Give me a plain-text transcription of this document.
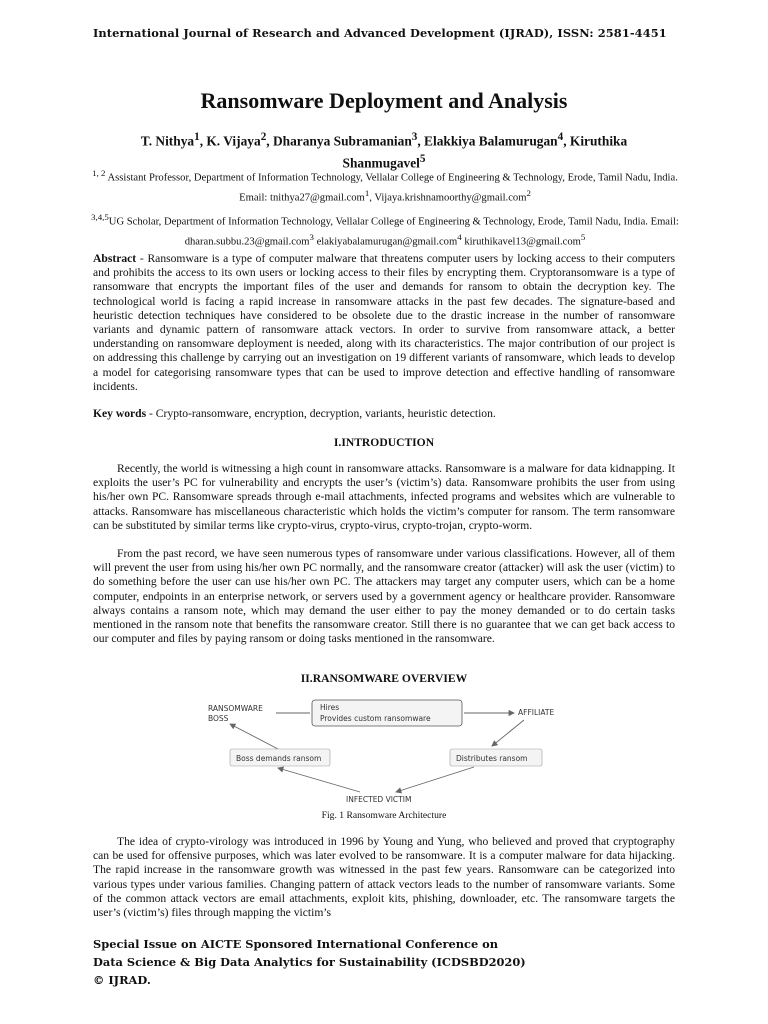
International Journal of Research and Advanced Development (IJRAD), ISSN: 2581-4451
Ransomware Deployment and Analysis
T. Nithya$^1$, K. Vijaya$^2$, Dharanya Subramanian$^3$, Elakkiya Balamurugan$^4$, Kiruthika Shanmugavel$^5$
$^{1, 2}$ Assistant Professor, Department of Information Technology, Vellalar College of Engineering & Technology, Erode, Tamil Nadu, India. Email: tnithya27@gmail.com$^1$, Vijaya.krishnamoorthy@gmail.com$^2$
$^{3,4,5}$UG Scholar, Department of Information Technology, Vellalar College of Engineering & Technology, Erode, Tamil Nadu, India. Email: dharan.subbu.23@gmail.com$^3$ elakiyabalamurugan@gmail.com$^4$ kiruthikavel13@gmail.com$^5$
Abstract - Ransomware is a type of computer malware that threatens computer users by locking access to their computers and prohibits the access to its own users or locking access to their files by encrypting them. Cryptoransomware is a type of ransomware that encrypts the important files of the user and demands for ransom to obtain the decryption key. The technological world is facing a rapid increase in ransomware attacks in the past few decades. The signature-based and heuristic detection techniques have considered to be obsolete due to the drastic increase in the number of ransomware variants and dynamic pattern of ransomware attack vectors. In order to survive from ransomware attack, a better understanding on ransomware deployment is needed, along with its characteristics. The major contribution of our project is on addressing this challenge by carrying out an investigation on 19 different variants of ransomware, which leads to develop a model for categorising ransomware types that can be used to improve detection and effective handling of ransomware incidents.
Key words - Crypto-ransomware, encryption, decryption, variants, heuristic detection.
I.INTRODUCTION
Recently, the world is witnessing a high count in ransomware attacks. Ransomware is a malware for data kidnapping. It exploits the user’s PC for vulnerability and encrypts the user’s (victim’s) data. Ransomware prohibits the user from using his/her own PC. Ransomware spreads through e-mail attachments, infected programs and websites which are vulnerable to attacks. Ransomware has miscellaneous characteristic which holds the victim’s computer for ransom. The term ransomware can be substituted by similar terms like crypto-virus, crypto-virus, crypto-trojan, crypto-worm.
From the past record, we have seen numerous types of ransomware under various classifications. However, all of them will prevent the user from using his/her own PC normally, and the ransomware creator (attacker) will ask the user (victim) to do something before the user can use his/her own PC. The attackers may target any computer users, which can be a home computer, endpoints in an enterprise network, or servers used by a government agency or healthcare provider. Ransomware always contains a ransom note, which may demand the user either to pay the money demanded or to do certain tasks mentioned in the ransom note that benefits the ransomware creator. Still there is no guarantee that we can get back access to our computer and files by paying ransom or doing tasks mentioned in the ransomware.
II.RANSOMWARE OVERVIEW
RANSOMWARE
BOSS
Hires
Provides custom ransomware
AFFILIATE
Boss demands ransom	Distributes ransom
INFECTED VICTIM
Fig. 1 Ransomware Architecture
The idea of crypto-virology was introduced in 1996 by Young and Yung, who believed and proved that cryptography can be used for offensive purposes, which was later evolved to be ransomware. It is a computer malware for data hijacking. The rapid increase in the ransomware growth was witnessed in the past few years. Ransomware can be categorized into various types under various families. Changing pattern of attack vectors leads to the number of ransomware variants. Some of the common attack vectors are email attachments, exploit kits, phishing, downloader, etc. The ransomware targets the user’s (victim’s) files through mapping the victim’s
Special Issue on AICTE Sponsored International Conference on
Data Science & Big Data Analytics for Sustainability (ICDSBD2020)
© IJRAD.
